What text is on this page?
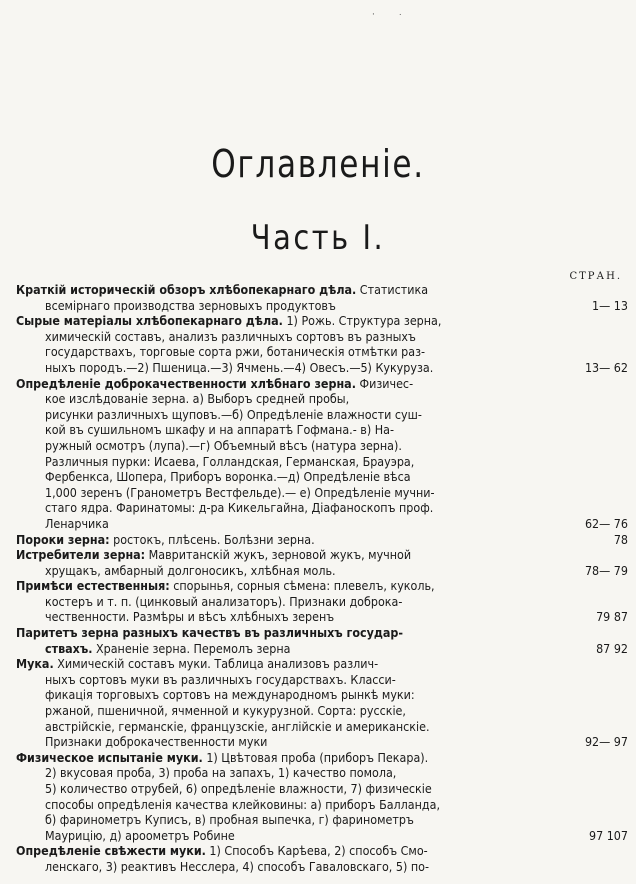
·	˙
Оглавленіе.
Часть I.
СТРАН.
Краткій историческій обзоръ хлѣбопекарнаго дѣла. Статистика
всемірнаго производства зерновыхъ продуктовъ	1— 13
Сырые матеріалы хлѣбопекарнаго дѣла. 1) Рожь. Структура зерна,
химическій составъ, анализъ различныхъ сортовъ въ разныхъ
государствахъ, торговые сорта ржи, ботаническія отмѣтки раз-
ныхъ породъ.—2) Пшеница.—3) Ячмень.—4) Овесъ.—5) Кукуруза.	13— 62
Опредѣленіе доброкачественности хлѣбнаго зерна. Физичес-
кое изслѣдованіе зерна. а) Выборъ средней пробы,
рисунки различныхъ щуповъ.—б) Опредѣленіе влажности суш-
кой въ сушильномъ шкафу и на аппаратѣ Гофмана.- в) На-
ружный осмотръ (лупа).—г) Объемный вѣсъ (натура зерна).
Различныя пурки: Исаева, Голландская, Германская, Брауэра,
Фербенкса, Шопера, Приборъ воронка.—д) Опредѣленіе вѣса
1,000 зеренъ (Гранометръ Вестфельде).— е) Опредѣленіе мучни-
стаго ядра. Фаринатомы: д-ра Кикельгайна, Діафаноскопъ проф.
Ленарчика	62— 76
Пороки зерна: ростокъ, плѣсень. Болѣзни зерна.	78
Истребители зерна: Мавританскій жукъ, зерновой жукъ, мучной
хрущакъ, амбарный долгоносикъ, хлѣбная моль.	78— 79
Примѣси естественныя: спорынья, сорныя сѣмена: плевелъ, куколь,
костеръ и т. п. (цинковый анализаторъ). Признаки доброка-
чественности. Размѣры и вѣсъ хлѣбныхъ зеренъ	79 87
Паритетъ зерна разныхъ качествъ въ различныхъ государ-
ствахъ. Храненіе зерна. Перемолъ зерна	87 92
Мука. Химическій составъ муки. Таблица анализовъ различ-
ныхъ сортовъ муки въ различныхъ государствахъ. Класси-
фикація торговыхъ сортовъ на международномъ рынкѣ муки:
ржаной, пшеничной, ячменной и кукурузной. Сорта: русскіе,
австрійскіе, германскіе, французскіе, англійскіе и американскіе.
Признаки доброкачественности муки	92— 97
Физическое испытаніе муки. 1) Цвѣтовая проба (приборъ Пекара).
2) вкусовая проба, 3) проба на запахъ, 1) качество помола,
5) количество отрубей, 6) опредѣленіе влажности, 7) физическіе
способы опредѣленія качества клейковины: а) приборъ Балланда,
б) фаринометръ Куписъ, в) пробная выпечка, г) фаринометръ
Маурицію, д) ароометръ Робине	97 107
Опредѣленіе свѣжести муки. 1) Способъ Карѣева, 2) способъ Смо-
ленскаго, 3) реактивъ Несслера, 4) способъ Гаваловскаго, 5) по-
